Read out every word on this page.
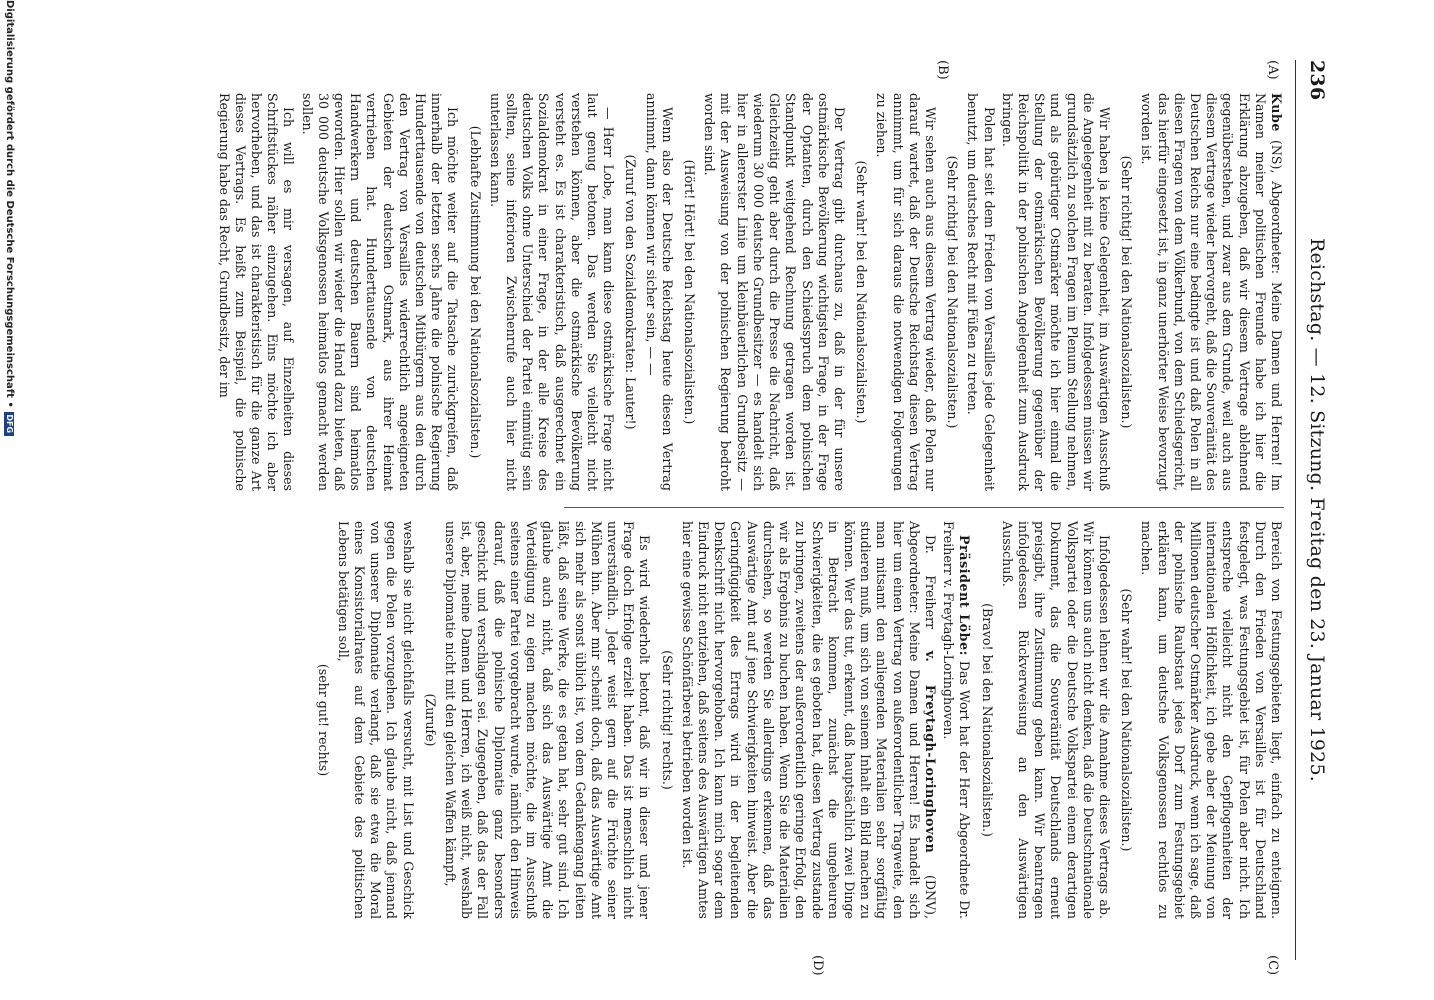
236
Reichstag. — 12. Sitzung. Freitag den 23. Januar 1925.
(A)
(B)
(C)
(D)

Kube (NS), Abgeordneter: Meine Damen und Herren! Im Namen meiner politischen Freunde habe ich hier die Erklärung abzugeben, daß wir diesem Vertrage ablehnend gegenüberstehen, und zwar aus dem Grunde, weil auch aus diesem Vertrage wieder hervorgeht, daß die Souveränität des Deutschen Reichs nur eine bedingte ist und daß Polen in all diesen Fragen von dem Völkerbund, von dem Schiedsgericht, das hierfür eingesetzt ist, in ganz unerhörter Weise bevorzugt worden ist.

(Sehr richtig! bei den Nationalsozialisten.)

Wir haben ja keine Gelegenheit, im Auswärtigen Ausschuß die Angelegenheit mit zu beraten. Infolgedessen müssen wir grundsätzlich zu solchen Fragen im Plenum Stellung nehmen, und als gebürtiger Ostmärker möchte ich hier einmal die Stellung der ostmärkischen Bevölkerung gegenüber der Reichspolitik in der polnischen Angelegenheit zum Ausdruck bringen.

Polen hat seit dem Frieden von Versailles jede Gelegenheit benutzt, um deutsches Recht mit Füßen zu treten.

(Sehr richtig! bei den Nationalsozialisten.)

Wir sehen auch aus diesem Vertrag wieder, daß Polen nur darauf wartet, daß der Deutsche Reichstag diesen Vertrag annimmt, um für sich daraus die notwendigen Folgerungen zu ziehen.

(Sehr wahr! bei den Nationalsozialisten.)

Der Vertrag gibt durchaus zu, daß in der für unsere ostmärkische Bevölkerung wichtigsten Frage, in der Frage der Optanten, durch den Schiedsspruch dem polnischen Standpunkt weitgehend Rechnung getragen worden ist. Gleichzeitig geht aber durch die Presse die Nachricht, daß wiederum 30 000 deutsche Grundbesitzer — es handelt sich hier in allererster Linie um kleinbäuerlichen Grundbesitz — mit der Ausweisung von der polnischen Regierung bedroht worden sind.

(Hört! Hört! bei den Nationalsozialisten.)

Wenn also der Deutsche Reichstag heute diesen Vertrag annimmt, dann können wir sicher sein, — —

(Zuruf von den Sozialdemokraten: Lauter!)

— Herr Lobe, man kann diese ostmärkische Frage nicht laut genug betonen. Das werden Sie vielleicht nicht verstehen können, aber die ostmärkische Bevölkerung versteht es. Es ist charakteristisch, daß ausgerechnet ein Sozialdemokrat in einer Frage, in der alle Kreise des deutschen Volks ohne Unterschied der Partei einmütig sein sollten, seine inferioren Zwischenrufe auch hier nicht unterlassen kann.

(Lebhafte Zustimmung bei den Nationalsozialisten.)

Ich möchte weiter auf die Tatsache zurückgreifen, daß innerhalb der letzten sechs Jahre die polnische Regierung Hunderttausende von deutschen Mitbürgern aus den durch den Vertrag von Versailles widerrechtlich angeeigneten Gebieten der deutschen Ostmark, aus ihrer Heimat vertrieben hat. Hunderttausende von deutschen Handwerkern und deutschen Bauern sind heimatlos geworden. Hier sollen wir wieder die Hand dazu bieten, daß 30 000 deutsche Volksgenossen heimatlos gemacht werden sollen.

Ich will es mir versagen, auf Einzelheiten dieses Schriftstückes näher einzugehen. Eins möchte ich aber hervorheben, und das ist charakteristisch für die ganze Art dieses Vertrags. Es heißt zum Beispiel, die polnische Regierung habe das Recht, Grundbesitz, der im

Bereich von Festungsgebieten liegt, einfach zu enteignen. Durch den Frieden von Versailles ist für Deutschland festgelegt, was Festungsgebiet ist, für Polen aber nicht. Ich entspreche vielleicht nicht den Gepflogenheiten der internationalen Höflichkeit, ich gebe aber der Meinung von Millionen deutscher Ostmärker Ausdruck, wenn ich sage, daß der polnische Raubstaat jedes Dorf zum Festungsgebiet erklären kann, um deutsche Volksgenossen rechtlos zu machen.

(Sehr wahr! bei den Nationalsozialisten.)

Infolgedessen lehnen wir die Annahme dieses Vertrags ab. Wir können uns auch nicht denken, daß die Deutschnationale Volkspartei oder die Deutsche Volkspartei einem derartigen Dokument, das die Souveränität Deutschlands erneut preisgibt, ihre Zustimmung geben kann. Wir beantragen infolgedessen Rückverweisung an den Auswärtigen Ausschuß.

(Bravo! bei den Nationalsozialisten.)

Präsident Löbe: Das Wort hat der Herr Abgeordnete Dr. Freiherr v. Freytagh-Loringhoven.

Dr. Freiherr v. Freytagh-Loringhoven (DNV), Abgeordneter: Meine Damen und Herren! Es handelt sich hier um einen Vertrag von außerordentlicher Tragweite, den man mitsamt den anliegenden Materialien sehr sorgfältig studieren muß, um sich von seinem Inhalt ein Bild machen zu können. Wer das tut, erkennt, daß hauptsächlich zwei Dinge in Betracht kommen, zunächst die ungeheuren Schwierigkeiten, die es geboten hat, diesen Vertrag zustande zu bringen, zweitens der außerordentlich geringe Erfolg, den wir als Ergebnis zu buchen haben. Wenn Sie die Materialien durchsehen, so werden Sie allerdings erkennen, daß das Auswärtige Amt auf jene Schwierigkeiten hinweist. Aber die Geringfügigkeit des Ertrags wird in der begleitenden Denkschrift nicht hervorgehoben. Ich kann mich sogar dem Eindruck nicht entziehen, daß seitens des Auswärtigen Amtes hier eine gewisse Schönfärberei betrieben worden ist.

(Sehr richtig! rechts.)

Es wird wiederholt betont, daß wir in dieser und jener Frage doch Erfolge erzielt haben. Das ist menschlich nicht unverständlich. Jeder weist gern auf die Früchte seiner Mühen hin. Aber mir scheint doch, daß das Auswärtige Amt sich mehr als sonst üblich ist, von dem Gedankengang leiten läßt, daß seine Werke, die es getan hat, sehr gut sind. Ich glaube auch nicht, daß sich das Auswärtige Amt die Verteidigung zu eigen machen möchte, die im Ausschuß seitens einer Partei vorgebracht wurde, nämlich den Hinweis darauf, daß die polnische Diplomatie ganz besonders geschickt und verschlagen sei. Zugegeben, daß das der Fall ist, aber, meine Damen und Herren, ich weiß nicht, weshalb unsere Diplomatie nicht mit den gleichen Waffen kämpft,

(Zurufe)

weshalb sie nicht gleichfalls versucht, mit List und Geschick gegen die Polen vorzugehen. Ich glaube nicht, daß jemand von unserer Diplomatie verlangt, daß sie etwa die Moral eines Konsistorialrates auf dem Gebiete des politischen Lebens betätigen soll,

(sehr gut! rechts)

Digitalisierung gefördert durch die Deutsche Forschungsgemeinschaft •DFG
